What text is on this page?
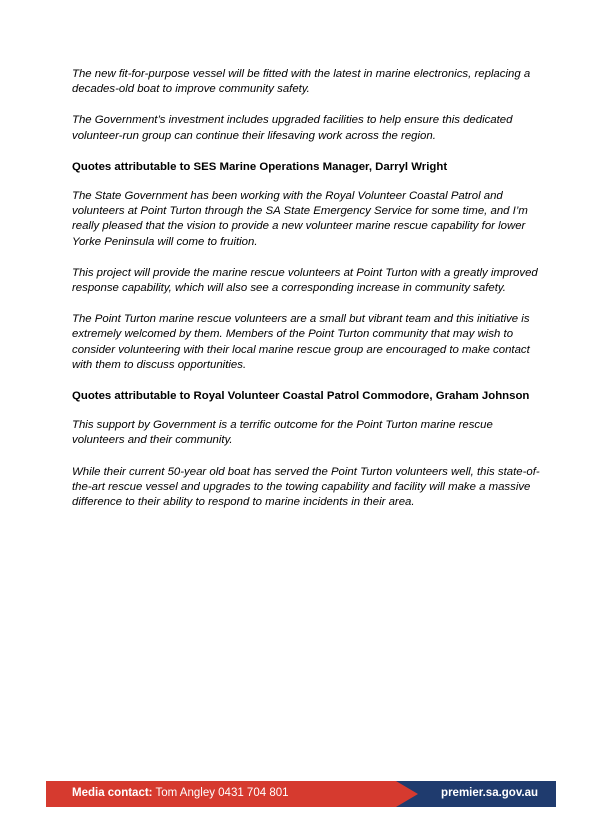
The new fit-for-purpose vessel will be fitted with the latest in marine electronics, replacing a decades-old boat to improve community safety.

The Government’s investment includes upgraded facilities to help ensure this dedicated volunteer-run group can continue their lifesaving work across the region.

Quotes attributable to SES Marine Operations Manager, Darryl Wright

The State Government has been working with the Royal Volunteer Coastal Patrol and volunteers at Point Turton through the SA State Emergency Service for some time, and I’m really pleased that the vision to provide a new volunteer marine rescue capability for lower Yorke Peninsula will come to fruition.

This project will provide the marine rescue volunteers at Point Turton with a greatly improved response capability, which will also see a corresponding increase in community safety.

The Point Turton marine rescue volunteers are a small but vibrant team and this initiative is extremely welcomed by them. Members of the Point Turton community that may wish to consider volunteering with their local marine rescue group are encouraged to make contact with them to discuss opportunities.

Quotes attributable to Royal Volunteer Coastal Patrol Commodore, Graham Johnson

This support by Government is a terrific outcome for the Point Turton marine rescue volunteers and their community.

While their current 50-year old boat has served the Point Turton volunteers well, this state-of-the-art rescue vessel and upgrades to the towing capability and facility will make a massive difference to their ability to respond to marine incidents in their area.

Media contact: Tom Angley 0431 704 801	premier.sa.gov.au
